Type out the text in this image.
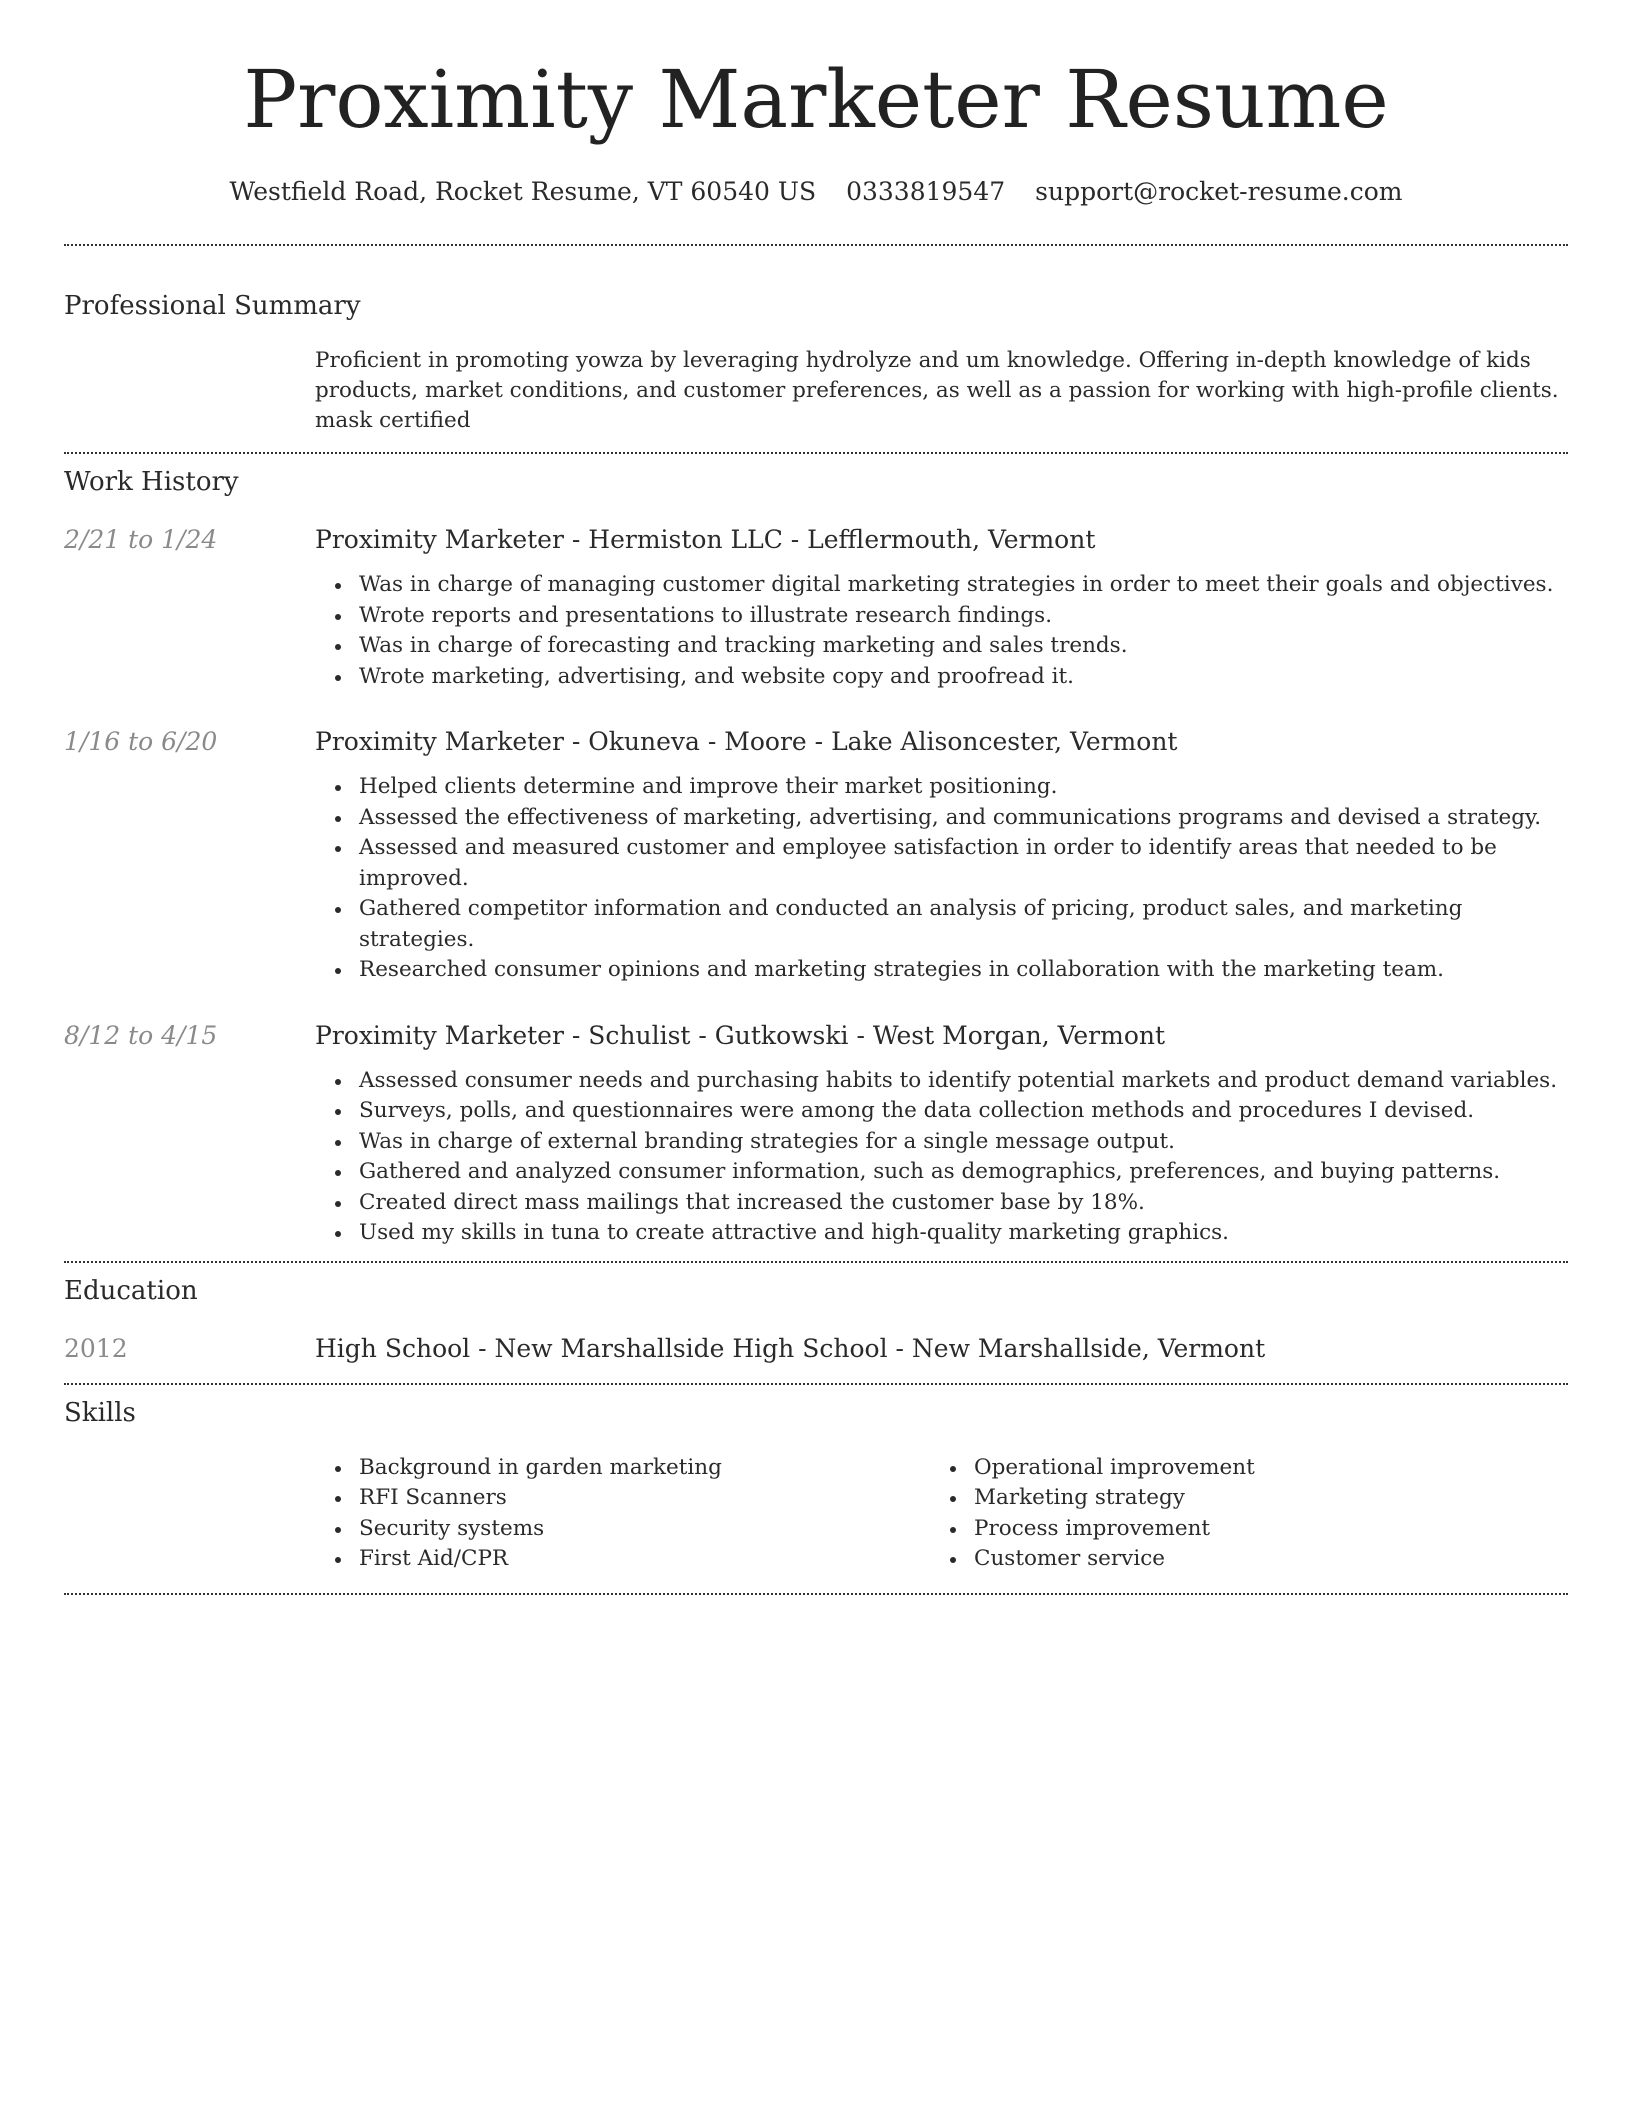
Proximity Marketer Resume
Westfield Road, Rocket Resume, VT 60540 US 0333819547 support@rocket-resume.com
Professional Summary

Proficient in promoting yowza by leveraging hydrolyze and um knowledge. Offering in-depth knowledge of kids products, market conditions, and customer preferences, as well as a passion for working with high-profile clients. mask certified

Work History
2/21 to 1/24	Proximity Marketer - Hermiston LLC - Lefflermouth, Vermont
Was in charge of managing customer digital marketing strategies in order to meet their goals and objectives.
Wrote reports and presentations to illustrate research findings.
Was in charge of forecasting and tracking marketing and sales trends.
Wrote marketing, advertising, and website copy and proofread it.
1/16 to 6/20	Proximity Marketer - Okuneva - Moore - Lake Alisoncester, Vermont
Helped clients determine and improve their market positioning.
Assessed the effectiveness of marketing, advertising, and communications programs and devised a strategy.
Assessed and measured customer and employee satisfaction in order to identify areas that needed to be improved.
Gathered competitor information and conducted an analysis of pricing, product sales, and marketing strategies.
Researched consumer opinions and marketing strategies in collaboration with the marketing team.
8/12 to 4/15	Proximity Marketer - Schulist - Gutkowski - West Morgan, Vermont
Assessed consumer needs and purchasing habits to identify potential markets and product demand variables.
Surveys, polls, and questionnaires were among the data collection methods and procedures I devised.
Was in charge of external branding strategies for a single message output.
Gathered and analyzed consumer information, such as demographics, preferences, and buying patterns.
Created direct mass mailings that increased the customer base by 18%.
Used my skills in tuna to create attractive and high-quality marketing graphics.
Education
2012	High School - New Marshallside High School - New Marshallside, Vermont
Skills
Background in garden marketing
RFI Scanners
Security systems
First Aid/CPR
Operational improvement
Marketing strategy
Process improvement
Customer service
